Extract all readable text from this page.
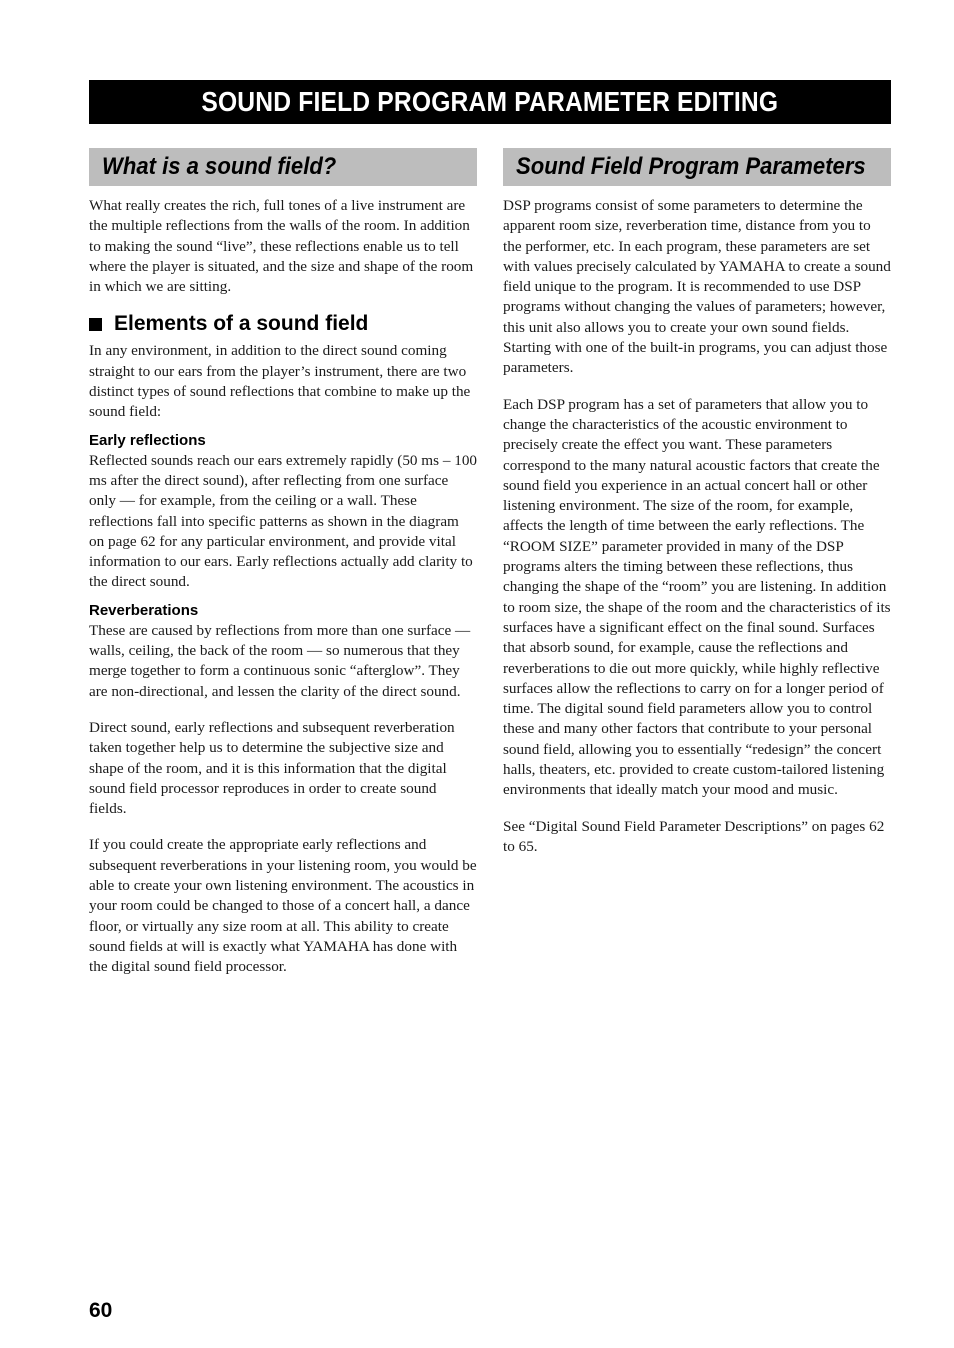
SOUND FIELD PROGRAM PARAMETER EDITING
What is a sound field?

What really creates the rich, full tones of a live instrument are the multiple reflections from the walls of the room. In addition to making the sound “live”, these reflections enable us to tell where the player is situated, and the size and shape of the room in which we are sitting.

Elements of a sound field

In any environment, in addition to the direct sound coming straight to our ears from the player’s instrument, there are two distinct types of sound reflections that combine to make up the sound field:

Early reflections

Reflected sounds reach our ears extremely rapidly (50 ms – 100 ms after the direct sound), after reflecting from one surface only — for example, from the ceiling or a wall. These reflections fall into specific patterns as shown in the diagram on page 62 for any particular environment, and provide vital information to our ears. Early reflections actually add clarity to the direct sound.

Reverberations

These are caused by reflections from more than one surface — walls, ceiling, the back of the room — so numerous that they merge together to form a continuous sonic “afterglow”. They are non-directional, and lessen the clarity of the direct sound.

Direct sound, early reflections and subsequent reverberation taken together help us to determine the subjective size and shape of the room, and it is this information that the digital sound field processor reproduces in order to create sound fields.

If you could create the appropriate early reflections and subsequent reverberations in your listening room, you would be able to create your own listening environment. The acoustics in your room could be changed to those of a concert hall, a dance floor, or virtually any size room at all. This ability to create sound fields at will is exactly what YAMAHA has done with the digital sound field processor.

Sound Field Program Parameters

DSP programs consist of some parameters to determine the apparent room size, reverberation time, distance from you to the performer, etc. In each program, these parameters are set with values precisely calculated by YAMAHA to create a sound field unique to the program. It is recommended to use DSP programs without changing the values of parameters; however, this unit also allows you to create your own sound fields. Starting with one of the built-in programs, you can adjust those parameters.

Each DSP program has a set of parameters that allow you to change the characteristics of the acoustic environment to precisely create the effect you want. These parameters correspond to the many natural acoustic factors that create the sound field you experience in an actual concert hall or other listening environment. The size of the room, for example, affects the length of time between the early reflections. The “ROOM SIZE” parameter provided in many of the DSP programs alters the timing between these reflections, thus changing the shape of the “room” you are listening. In addition to room size, the shape of the room and the characteristics of its surfaces have a significant effect on the final sound. Surfaces that absorb sound, for example, cause the reflections and reverberations to die out more quickly, while highly reflective surfaces allow the reflections to carry on for a longer period of time. The digital sound field parameters allow you to control these and many other factors that contribute to your personal sound field, allowing you to essentially “redesign” the concert halls, theaters, etc. provided to create custom-tailored listening environments that ideally match your mood and music.

See “Digital Sound Field Parameter Descriptions” on pages 62 to 65.

60
